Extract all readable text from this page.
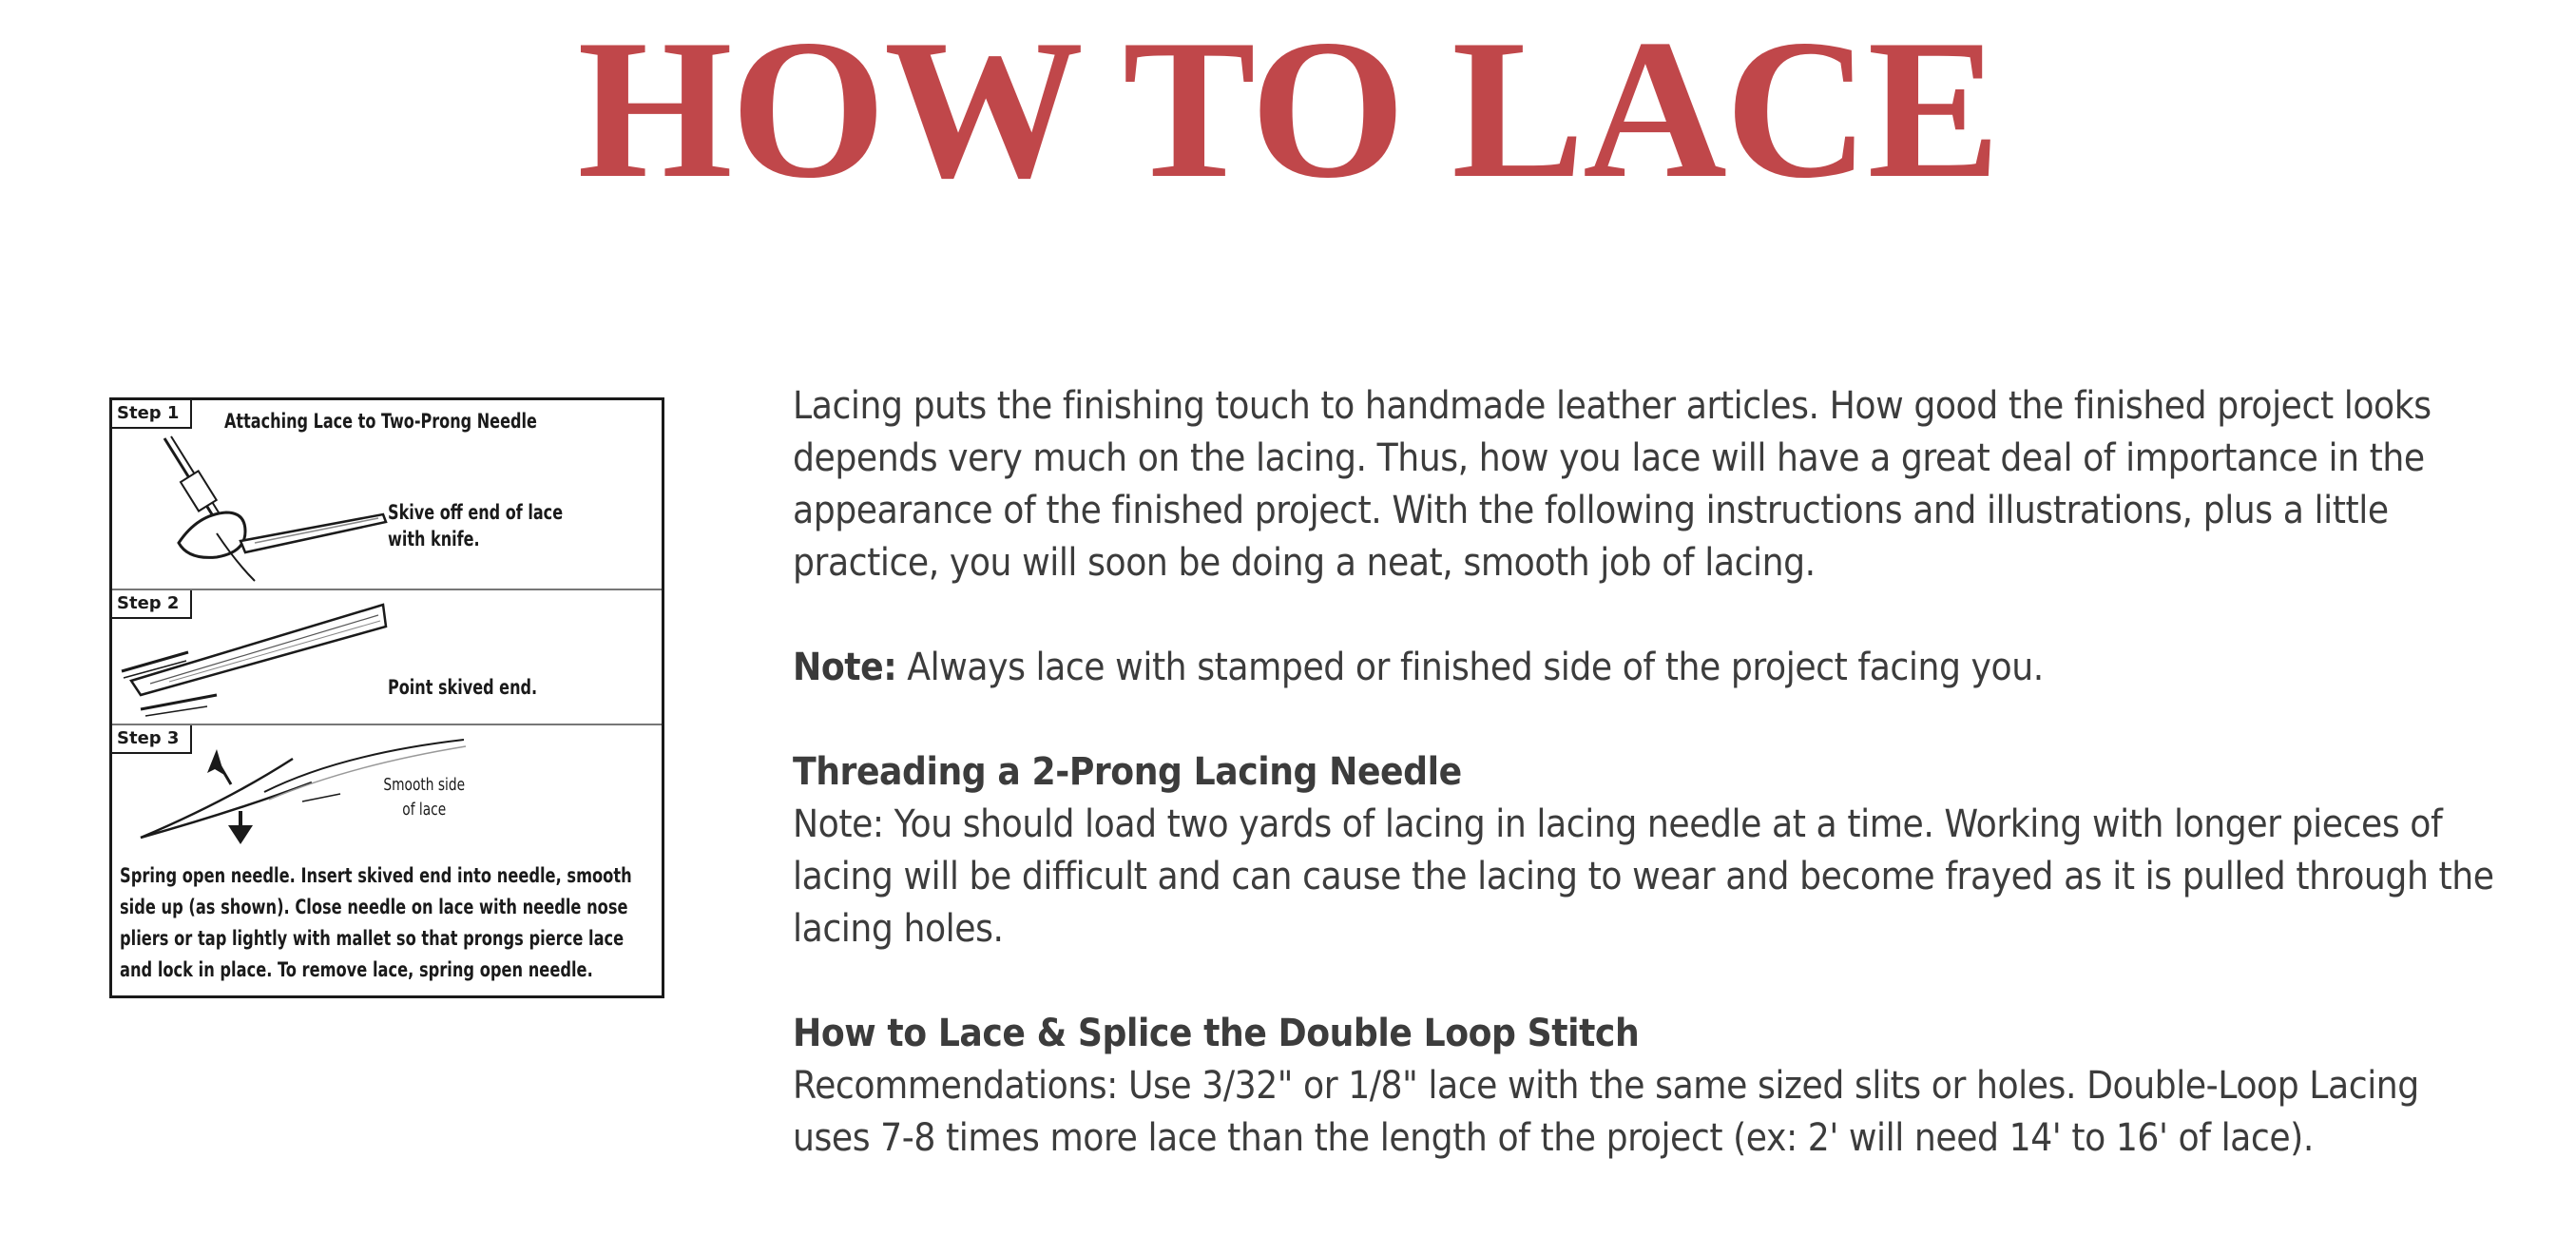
HOW TO LACE
Step 1	Attaching Lace to Two-Prong Needle
Skive off end of lace
with knife.
Step 2
Point skived end.
Step 3
Smooth side
of lace
Spring open needle. Insert skived end into needle, smooth
side up (as shown). Close needle on lace with needle nose
pliers or tap lightly with mallet so that prongs pierce lace
and lock in place. To remove lace, spring open needle.

Lacing puts the finishing touch to handmade leather articles. How good the finished project looks depends very much on the lacing. Thus, how you lace will have a great deal of importance in the appearance of the finished project. With the following instructions and illustrations, plus a little practice, you will soon be doing a neat, smooth job of lacing.

Note: Always lace with stamped or finished side of the project facing you.

Threading a 2-Prong Lacing Needle
Note: You should load two yards of lacing in lacing needle at a time. Working with longer pieces of lacing will be difficult and can cause the lacing to wear and become frayed as it is pulled through the lacing holes.

How to Lace & Splice the Double Loop Stitch
Recommendations: Use 3/32" or 1/8" lace with the same sized slits or holes. Double-Loop Lacing uses 7-8 times more lace than the length of the project (ex: 2' will need 14' to 16' of lace).
